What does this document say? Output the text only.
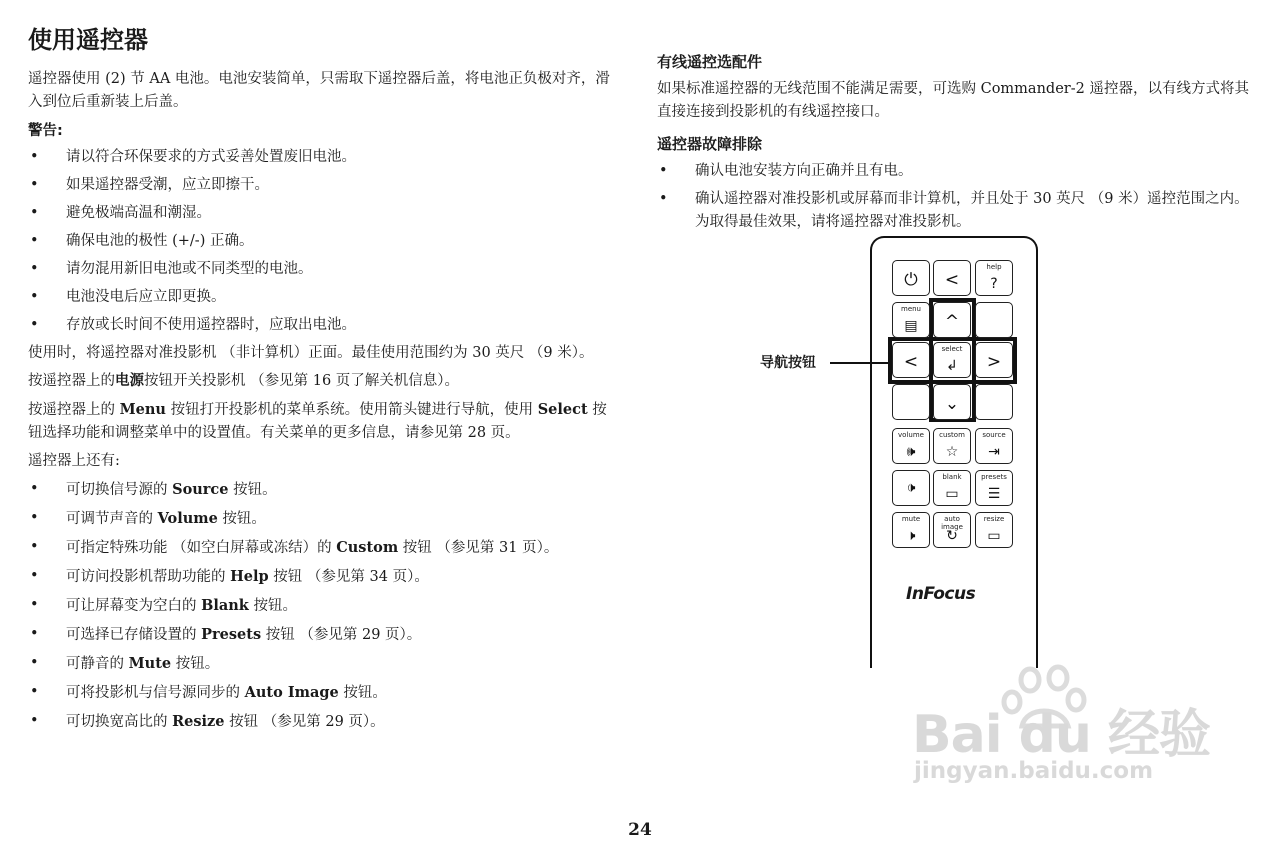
使用遥控器

遥控器使用 (2) 节 AA 电池。电池安装简单，只需取下遥控器后盖，将电池正负极对齐，滑入到位后重新装上后盖。

警告:
• 请以符合环保要求的方式妥善处置废旧电池。
• 如果遥控器受潮，应立即擦干。
• 避免极端高温和潮湿。
• 确保电池的极性 (+/-) 正确。
• 请勿混用新旧电池或不同类型的电池。
• 电池没电后应立即更换。
• 存放或长时间不使用遥控器时，应取出电池。

使用时，将遥控器对准投影机 （非计算机）正面。最佳使用范围约为 30 英尺 （9 米）。

按遥控器上的电源按钮开关投影机 （参见第 16 页了解关机信息）。

按遥控器上的 Menu 按钮打开投影机的菜单系统。使用箭头键进行导航，使用 Select 按钮选择功能和调整菜单中的设置值。有关菜单的更多信息，请参见第 28 页。

遥控器上还有:

• 可切换信号源的 Source 按钮。
• 可调节声音的 Volume 按钮。
• 可指定特殊功能 （如空白屏幕或冻结）的 Custom 按钮 （参见第 31 页）。
• 可访问投影机帮助功能的 Help 按钮 （参见第 34 页）。
• 可让屏幕变为空白的 Blank 按钮。
• 可选择已存储设置的 Presets 按钮 （参见第 29 页）。
• 可静音的 Mute 按钮。
• 可将投影机与信号源同步的 Auto Image 按钮。
• 可切换宽高比的 Resize 按钮 （参见第 29 页）。
有线遥控选配件

如果标准遥控器的无线范围不能满足需要，可选购 Commander-2 遥控器，以有线方式将其直接连接到投影机的有线遥控接口。

遥控器故障排除
• 确认电池安装方向正确并且有电。
• 确认遥控器对准投影机或屏幕而非计算机，并且处于 30 英尺 （9 米）遥控范围之内。为取得最佳效果，请将遥控器对准投影机。
导航按钮
⏻	<
help
?
menu
▤	^
<
select
↲	>
⌄
volume
🕪
custom
☆
source
⇥
🕩
blank
▭
presets
☰
mute
🕨
auto image
↻
resize
▭
InFocus
Bai du 经验
jingyan.baidu.com
24
